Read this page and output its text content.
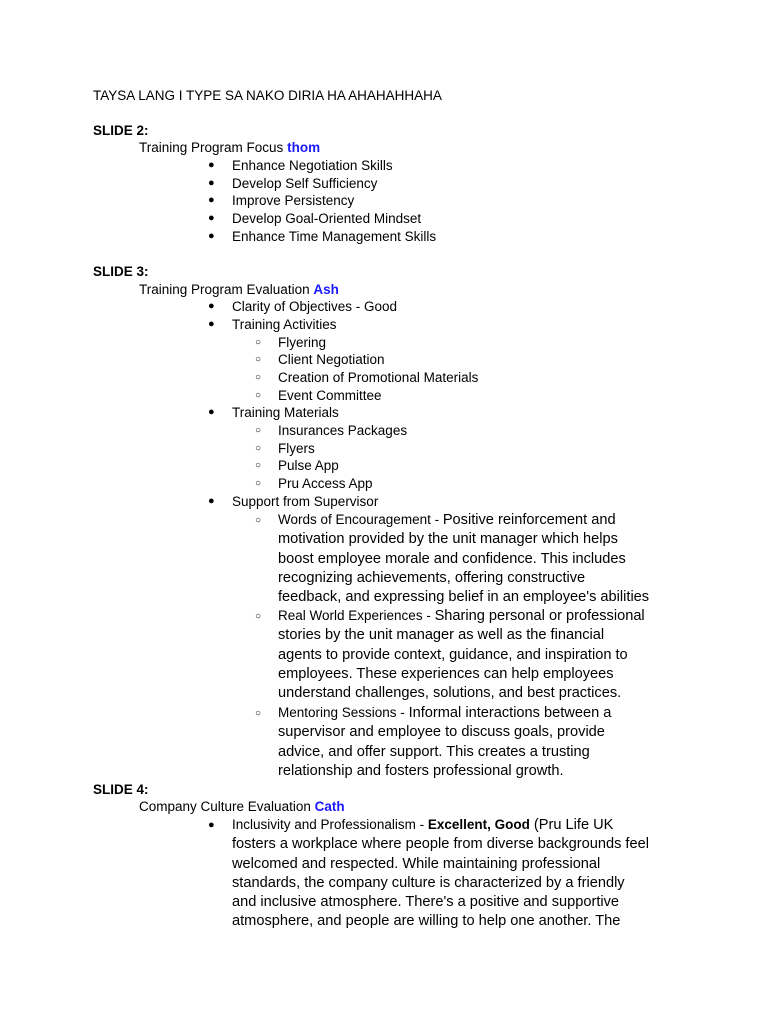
TAYSA LANG I TYPE SA NAKO DIRIA HA AHAHAHHAHA
SLIDE 2:
Training Program Focus thom
● Enhance Negotiation Skills
● Develop Self Sufficiency
● Improve Persistency
● Develop Goal-Oriented Mindset
● Enhance Time Management Skills
SLIDE 3:
Training Program Evaluation Ash
● Clarity of Objectives - Good
● Training Activities
○ Flyering
○ Client Negotiation
○ Creation of Promotional Materials
○ Event Committee
● Training Materials
○ Insurances Packages
○ Flyers
○ Pulse App
○ Pru Access App
● Support from Supervisor
○ Words of Encouragement - Positive reinforcement and
motivation provided by the unit manager which helps
boost employee morale and confidence. This includes
recognizing achievements, offering constructive
feedback, and expressing belief in an employee's abilities
○ Real World Experiences - Sharing personal or professional
stories by the unit manager as well as the financial
agents to provide context, guidance, and inspiration to
employees. These experiences can help employees
understand challenges, solutions, and best practices.
○ Mentoring Sessions - Informal interactions between a
supervisor and employee to discuss goals, provide
advice, and offer support. This creates a trusting
relationship and fosters professional growth.
SLIDE 4:
Company Culture Evaluation Cath
● Inclusivity and Professionalism - Excellent, Good (Pru Life UK
fosters a workplace where people from diverse backgrounds feel
welcomed and respected. While maintaining professional
standards, the company culture is characterized by a friendly
and inclusive atmosphere. There's a positive and supportive
atmosphere, and people are willing to help one another. The
